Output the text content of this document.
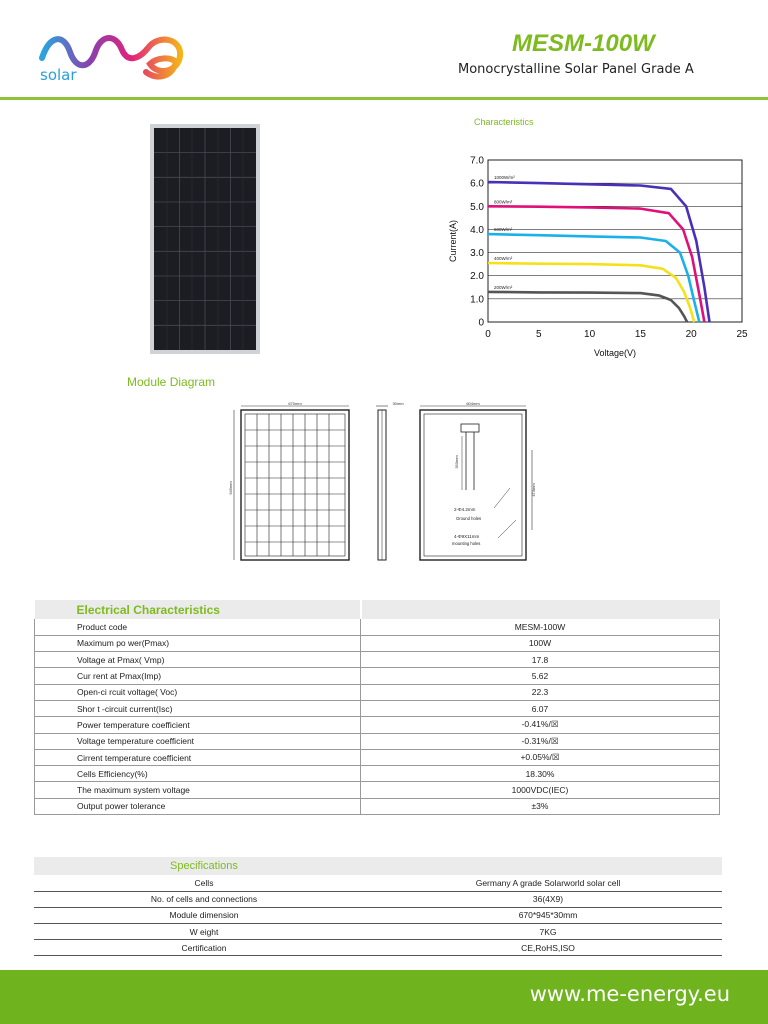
solar
MESM-100W
Monocrystalline Solar Panel Grade A
Characteristics
0
1.0
2.0
3.0
4.0
5.0
6.0
7.0
0	5	10	15	20	25
Voltage(V)
Current(A)
1000W/m²
800W/m²
600W/m²
400W/m²
200W/m²
Module Diagram
670mm
945mm
30mm	604mm
350mm
474mm
2-Φ4.2mm
Ground holes
4-Φ9X11mm
mounting holes
Electrical Characteristics	
Product code	MESM-100W
Maximum po wer(Pmax)	100W
Voltage at Pmax( Vmp)	17.8
Cur rent at Pmax(Imp)	5.62
Open-ci rcuit voltage( Voc)	22.3
Shor t -circuit current(Isc)	6.07
Power temperature coefficient	-0.41%/☒
Voltage temperature coefficient	-0.31%/☒
Cirrent temperature coefficient	+0.05%/☒
Cells Efficiency(%)	18.30%
The maximum system voltage	1000VDC(IEC)
Output power tolerance	±3%
Specifications	
Cells	Germany A grade Solarworld solar cell
No. of cells and connections	36(4X9)
Module dimension	670*945*30mm
W eight	7KG
Certification	CE,RoHS,ISO
www.me-energy.eu
